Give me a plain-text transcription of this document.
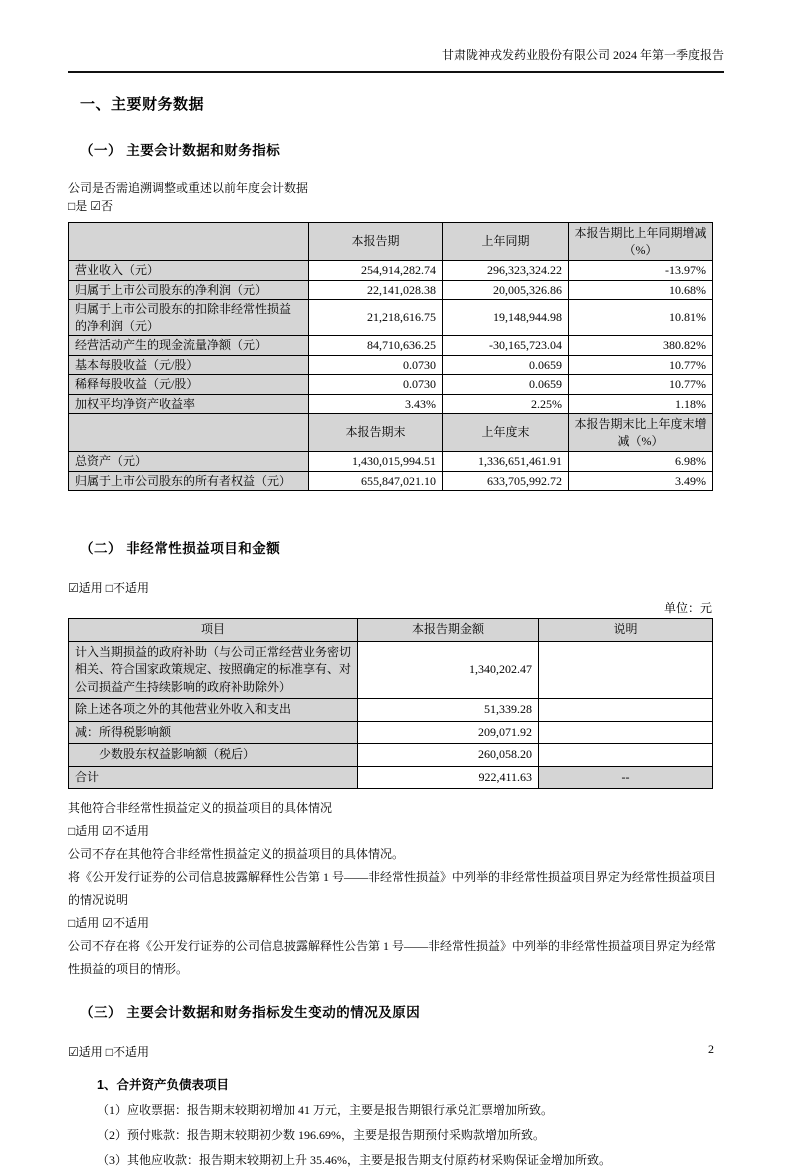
甘肃陇神戎发药业股份有限公司 2024 年第一季度报告
一、主要财务数据
（一） 主要会计数据和财务指标

公司是否需追溯调整或重述以前年度会计数据

□是 ☑否

	本报告期	上年同期	本报告期比上年同期增减（%）
营业收入（元）	254,914,282.74	296,323,324.22	-13.97%
归属于上市公司股东的净利润（元）	22,141,028.38	20,005,326.86	10.68%
归属于上市公司股东的扣除非经常性损益的净利润（元）	21,218,616.75	19,148,944.98	10.81%
经营活动产生的现金流量净额（元）	84,710,636.25	-30,165,723.04	380.82%
基本每股收益（元/股）	0.0730	0.0659	10.77%
稀释每股收益（元/股）	0.0730	0.0659	10.77%
加权平均净资产收益率	3.43%	2.25%	1.18%
	本报告期末	上年度末	本报告期末比上年度末增减（%）
总资产（元）	1,430,015,994.51	1,336,651,461.91	6.98%
归属于上市公司股东的所有者权益（元）	655,847,021.10	633,705,992.72	3.49%
（二） 非经常性损益项目和金额

☑适用 □不适用

单位：元
项目	本报告期金额	说明
计入当期损益的政府补助（与公司正常经营业务密切相关、符合国家政策规定、按照确定的标准享有、对公司损益产生持续影响的政府补助除外）	1,340,202.47	
除上述各项之外的其他营业外收入和支出	51,339.28	
减：所得税影响额	209,071.92	
　　少数股东权益影响额（税后）	260,058.20	
合计	922,411.63	--

其他符合非经常性损益定义的损益项目的具体情况

□适用 ☑不适用

公司不存在其他符合非经常性损益定义的损益项目的具体情况。

将《公开发行证券的公司信息披露解释性公告第 1 号——非经常性损益》中列举的非经常性损益项目界定为经常性损益项目的情况说明

□适用 ☑不适用

公司不存在将《公开发行证券的公司信息披露解释性公告第 1 号——非经常性损益》中列举的非经常性损益项目界定为经常性损益的项目的情形。

（三） 主要会计数据和财务指标发生变动的情况及原因

☑适用 □不适用

1、合并资产负债表项目

（1）应收票据：报告期末较期初增加 41 万元，主要是报告期银行承兑汇票增加所致。

（2）预付账款：报告期末较期初少数 196.69%，主要是报告期预付采购款增加所致。

（3）其他应收款：报告期末较期初上升 35.46%，主要是报告期支付原药材采购保证金增加所致。

2
